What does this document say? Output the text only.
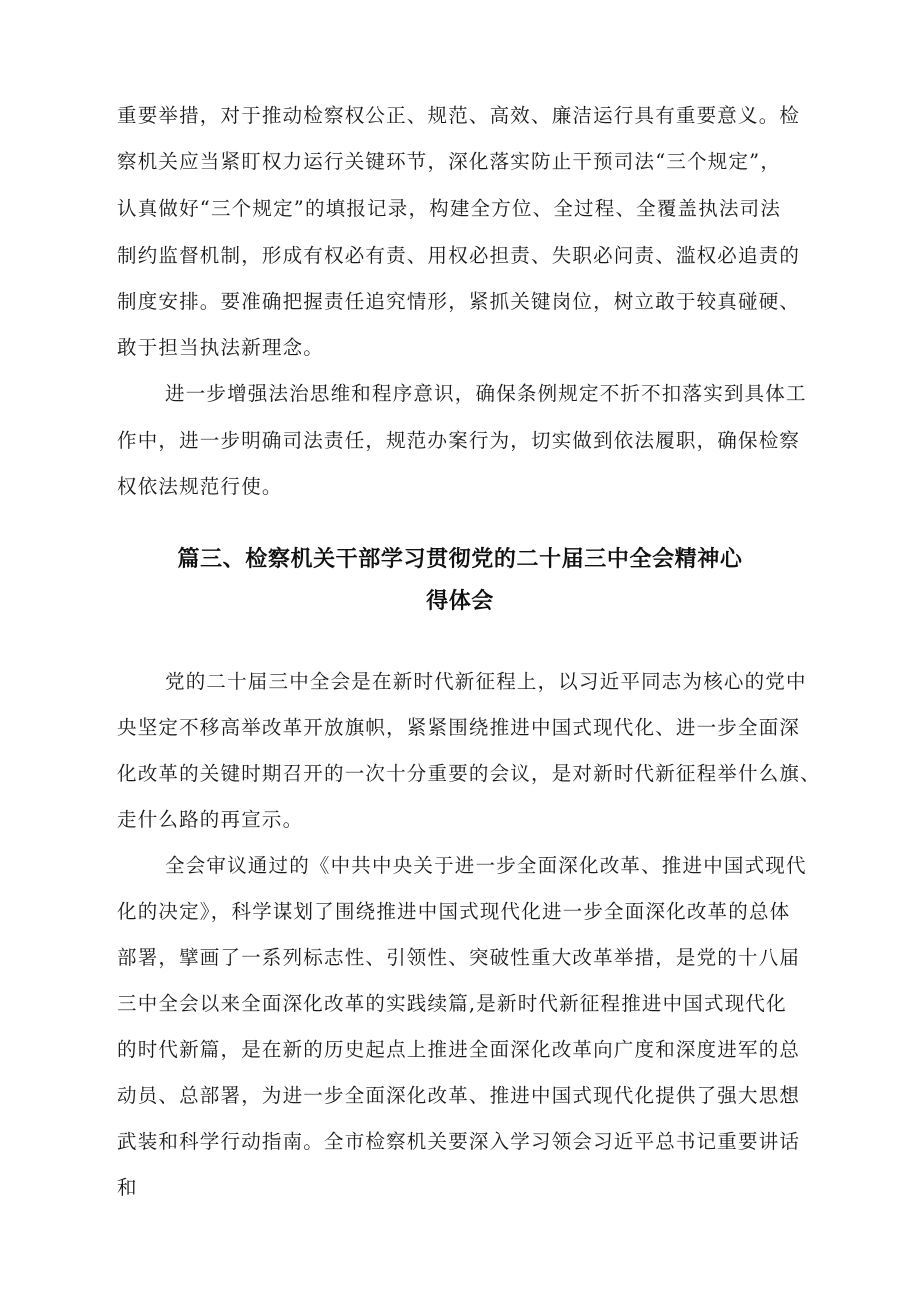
重要举措，对于推动检察权公正、规范、高效、廉洁运行具有重要意义。检

察机关应当紧盯权力运行关键环节，深化落实防止干预司法“三个规定”，

认真做好“三个规定”的填报记录，构建全方位、全过程、全覆盖执法司法

制约监督机制，形成有权必有责、用权必担责、失职必问责、滥权必追责的

制度安排。要准确把握责任追究情形，紧抓关键岗位，树立敢于较真碰硬、

敢于担当执法新理念。

进一步增强法治思维和程序意识，确保条例规定不折不扣落实到具体工

作中，进一步明确司法责任，规范办案行为，切实做到依法履职，确保检察

权依法规范行使。

篇三、检察机关干部学习贯彻党的二十届三中全会精神心
得体会

党的二十届三中全会是在新时代新征程上，以习近平同志为核心的党中

央坚定不移高举改革开放旗帜，紧紧围绕推进中国式现代化、进一步全面深

化改革的关键时期召开的一次十分重要的会议，是对新时代新征程举什么旗、

走什么路的再宣示。

全会审议通过的《中共中央关于进一步全面深化改革、推进中国式现代

化的决定》，科学谋划了围绕推进中国式现代化进一步全面深化改革的总体

部署，擘画了一系列标志性、引领性、突破性重大改革举措，是党的十八届

三中全会以来全面深化改革的实践续篇,是新时代新征程推进中国式现代化

的时代新篇，是在新的历史起点上推进全面深化改革向广度和深度进军的总

动员、总部署，为进一步全面深化改革、推进中国式现代化提供了强大思想

武装和科学行动指南。全市检察机关要深入学习领会习近平总书记重要讲话

和
